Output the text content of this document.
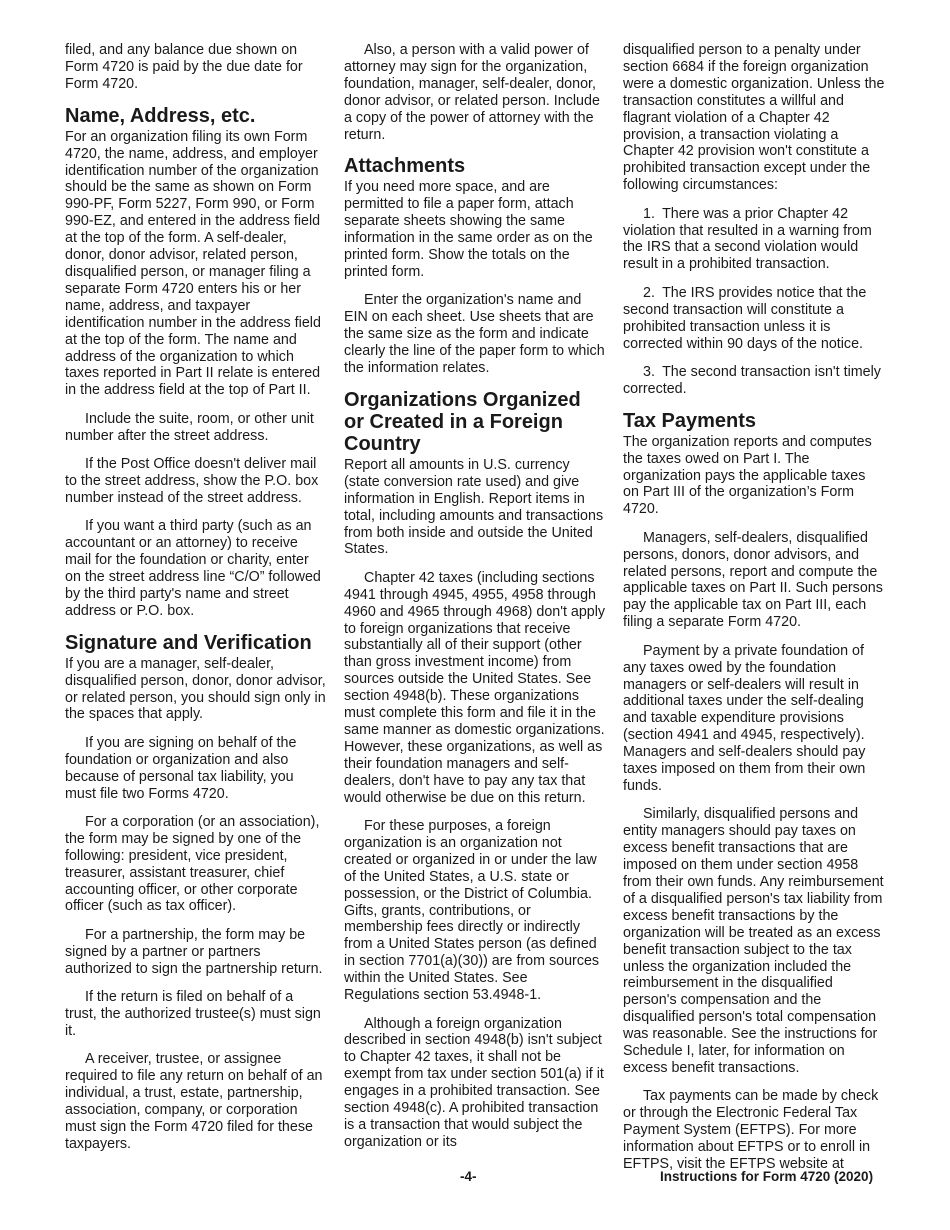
filed, and any balance due shown on Form 4720 is paid by the due date for Form 4720.

Name, Address, etc.

For an organization filing its own Form 4720, the name, address, and employer identification number of the organization should be the same as shown on Form 990-PF, Form 5227, Form 990, or Form 990-EZ, and entered in the address field at the top of the form. A self-dealer, donor, donor advisor, related person, disqualified person, or manager filing a separate Form 4720 enters his or her name, address, and taxpayer identification number in the address field at the top of the form. The name and address of the organization to which taxes reported in Part II relate is entered in the address field at the top of Part II.

Include the suite, room, or other unit number after the street address.

If the Post Office doesn't deliver mail to the street address, show the P.O. box number instead of the street address.

If you want a third party (such as an accountant or an attorney) to receive mail for the foundation or charity, enter on the street address line “C/O” followed by the third party's name and street address or P.O. box.

Signature and Verification

If you are a manager, self-dealer, disqualified person, donor, donor advisor, or related person, you should sign only in the spaces that apply.

If you are signing on behalf of the foundation or organization and also because of personal tax liability, you must file two Forms 4720.

For a corporation (or an association), the form may be signed by one of the following: president, vice president, treasurer, assistant treasurer, chief accounting officer, or other corporate officer (such as tax officer).

For a partnership, the form may be signed by a partner or partners authorized to sign the partnership return.

If the return is filed on behalf of a trust, the authorized trustee(s) must sign it.

A receiver, trustee, or assignee required to file any return on behalf of an individual, a trust, estate, partnership, association, company, or corporation must sign the Form 4720 filed for these taxpayers.

Also, a person with a valid power of attorney may sign for the organization, foundation, manager, self-dealer, donor, donor advisor, or related person. Include a copy of the power of attorney with the return.

Attachments

If you need more space, and are permitted to file a paper form, attach separate sheets showing the same information in the same order as on the printed form. Show the totals on the printed form.

Enter the organization's name and EIN on each sheet. Use sheets that are the same size as the form and indicate clearly the line of the paper form to which the information relates.

Organizations Organized or Created in a Foreign Country

Report all amounts in U.S. currency (state conversion rate used) and give information in English. Report items in total, including amounts and transactions from both inside and outside the United States.

Chapter 42 taxes (including sections 4941 through 4945, 4955, 4958 through 4960 and 4965 through 4968) don't apply to foreign organizations that receive substantially all of their support (other than gross investment income) from sources outside the United States. See section 4948(b). These organizations must complete this form and file it in the same manner as domestic organizations. However, these organizations, as well as their foundation managers and self-dealers, don't have to pay any tax that would otherwise be due on this return.

For these purposes, a foreign organization is an organization not created or organized in or under the law of the United States, a U.S. state or possession, or the District of Columbia. Gifts, grants, contributions, or membership fees directly or indirectly from a United States person (as defined in section 7701(a)(30)) are from sources within the United States. See Regulations section 53.4948-1.

Although a foreign organization described in section 4948(b) isn't subject to Chapter 42 taxes, it shall not be exempt from tax under section 501(a) if it engages in a prohibited transaction. See section 4948(c). A prohibited transaction is a transaction that would subject the organization or its

disqualified person to a penalty under section 6684 if the foreign organization were a domestic organization. Unless the transaction constitutes a willful and flagrant violation of a Chapter 42 provision, a transaction violating a Chapter 42 provision won't constitute a prohibited transaction except under the following circumstances:

1. There was a prior Chapter 42 violation that resulted in a warning from the IRS that a second violation would result in a prohibited transaction.

2. The IRS provides notice that the second transaction will constitute a prohibited transaction unless it is corrected within 90 days of the notice.

3. The second transaction isn't timely corrected.

Tax Payments

The organization reports and computes the taxes owed on Part I. The organization pays the applicable taxes on Part III of the organization’s Form 4720.

Managers, self-dealers, disqualified persons, donors, donor advisors, and related persons, report and compute the applicable taxes on Part II. Such persons pay the applicable tax on Part III, each filing a separate Form 4720.

Payment by a private foundation of any taxes owed by the foundation managers or self-dealers will result in additional taxes under the self-dealing and taxable expenditure provisions (section 4941 and 4945, respectively). Managers and self-dealers should pay taxes imposed on them from their own funds.

Similarly, disqualified persons and entity managers should pay taxes on excess benefit transactions that are imposed on them under section 4958 from their own funds. Any reimbursement of a disqualified person's tax liability from excess benefit transactions by the organization will be treated as an excess benefit transaction subject to the tax unless the organization included the reimbursement in the disqualified person's compensation and the disqualified person's total compensation was reasonable. See the instructions for Schedule I, later, for information on excess benefit transactions.

Tax payments can be made by check or through the Electronic Federal Tax Payment System (EFTPS). For more information about EFTPS or to enroll in EFTPS, visit the EFTPS website at

-4-	Instructions for Form 4720 (2020)
